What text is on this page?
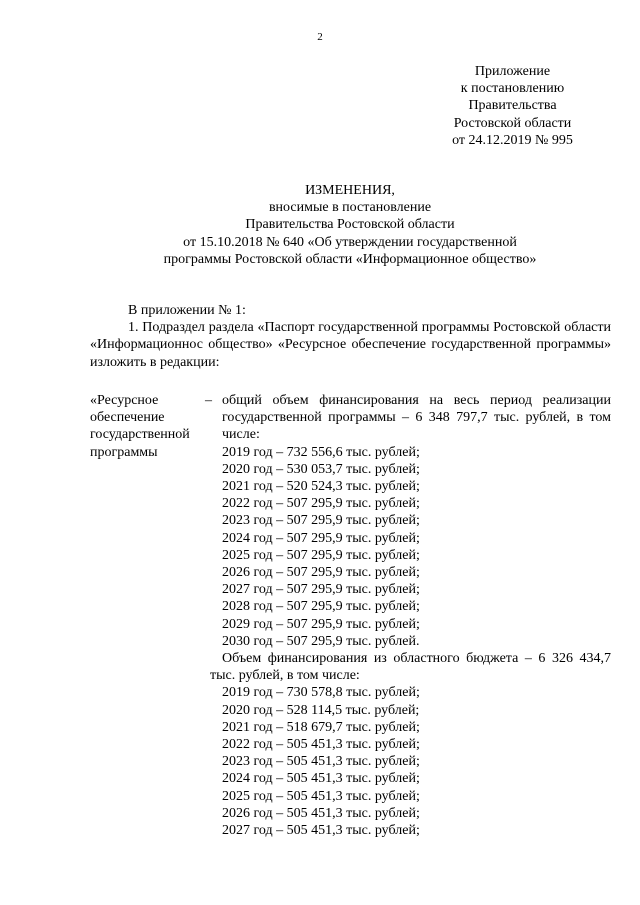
2
Приложение
к постановлению
Правительства
Ростовской области
от 24.12.2019 № 995
ИЗМЕНЕНИЯ,
вносимые в постановление
Правительства Ростовской области
от 15.10.2018 № 640 «Об утверждении государственной
программы Ростовской области «Информационное общество»
В приложении № 1:
1. Подраздел раздела «Паспорт государственной программы Ростовской области «Информационнос общество» «Ресурсное обеспечение государственной программы» изложить в редакции:
«Ресурсное
обеспечение
государственной
программы
– общий объем финансирования на весь период реализации государственной программы – 6 348 797,7 тыс. рублей, в том числе:
2019 год – 732 556,6 тыс. рублей;
2020 год – 530 053,7 тыс. рублей;
2021 год – 520 524,3 тыс. рублей;
2022 год – 507 295,9 тыс. рублей;
2023 год – 507 295,9 тыс. рублей;
2024 год – 507 295,9 тыс. рублей;
2025 год – 507 295,9 тыс. рублей;
2026 год – 507 295,9 тыс. рублей;
2027 год – 507 295,9 тыс. рублей;
2028 год – 507 295,9 тыс. рублей;
2029 год – 507 295,9 тыс. рублей;
2030 год – 507 295,9 тыс. рублей.
Объем финансирования из областного бюджета – 6 326 434,7 тыс. рублей, в том числе:
2019 год – 730 578,8 тыс. рублей;
2020 год – 528 114,5 тыс. рублей;
2021 год – 518 679,7 тыс. рублей;
2022 год – 505 451,3 тыс. рублей;
2023 год – 505 451,3 тыс. рублей;
2024 год – 505 451,3 тыс. рублей;
2025 год – 505 451,3 тыс. рублей;
2026 год – 505 451,3 тыс. рублей;
2027 год – 505 451,3 тыс. рублей;
